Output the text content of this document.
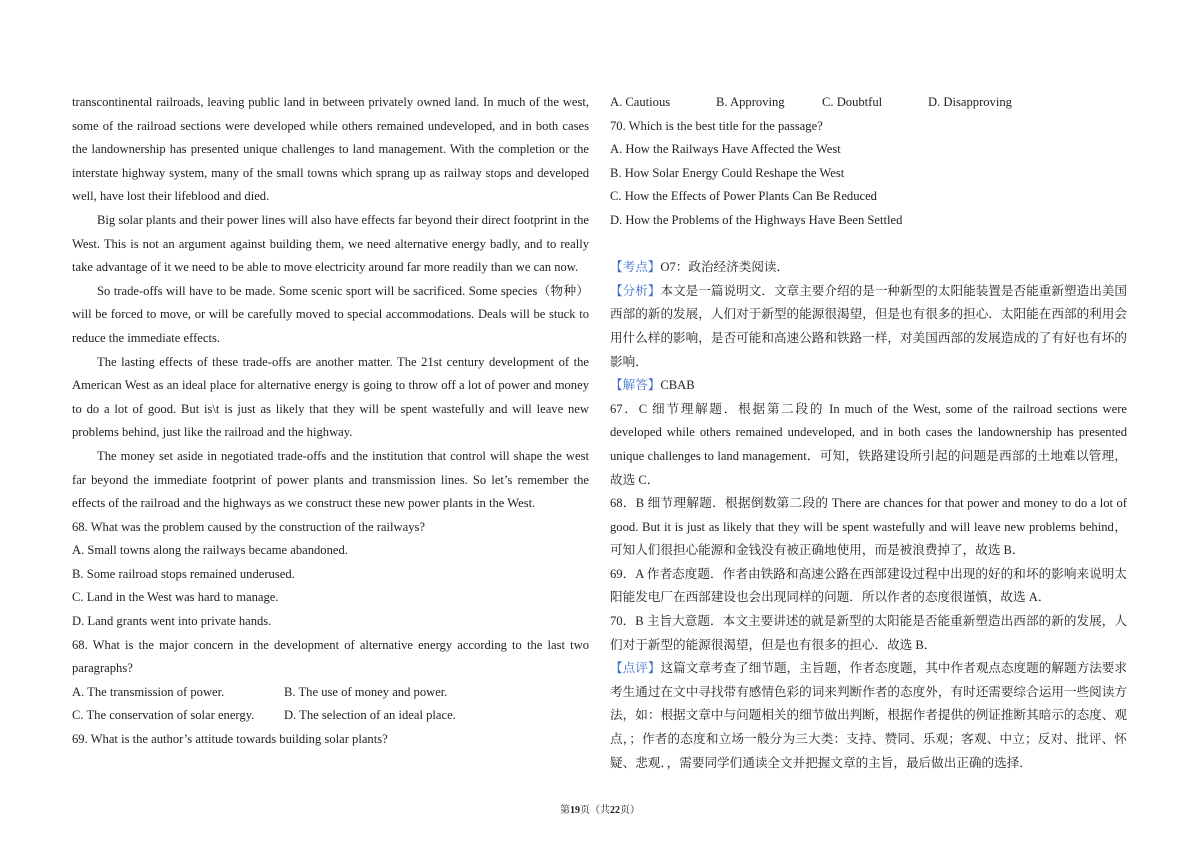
transcontinental railroads, leaving public land in between privately owned land. In much of the west, some of the railroad sections were developed while others remained undeveloped, and in both cases the landownership has presented unique challenges to land management. With the completion or the interstate highway system, many of the small towns which sprang up as railway stops and developed well, have lost their lifeblood and died.

Big solar plants and their power lines will also have effects far beyond their direct footprint in the West. This is not an argument against building them, we need alternative energy badly, and to really take advantage of it we need to be able to move electricity around far more readily than we can now.

So trade-offs will have to be made. Some scenic sport will be sacrificed. Some species（物种）will be forced to move, or will be carefully moved to special accommodations. Deals will be stuck to reduce the immediate effects.

The lasting effects of these trade-offs are another matter. The 21st century development of the American West as an ideal place for alternative energy is going to throw off a lot of power and money to do a lot of good. But is\t is just as likely that they will be spent wastefully and will leave new problems behind, just like the railroad and the highway.

The money set aside in negotiated trade-offs and the institution that control will shape the west far beyond the immediate footprint of power plants and transmission lines. So let’s remember the effects of the railroad and the highways as we construct these new power plants in the West.

68. What was the problem caused by the construction of the railways?

A. Small towns along the railways became abandoned.

B. Some railroad stops remained underused.

C. Land in the West was hard to manage.

D. Land grants went into private hands.

68. What is the major concern in the development of alternative energy according to the last two paragraphs?

A. The transmission of power.	B. The use of money and power.
C. The conservation of solar energy.	D. The selection of an ideal place.

69. What is the author’s attitude towards building solar plants?

A. Cautious	B. Approving	C. Doubtful	D. Disapproving

70. Which is the best title for the passage?

A. How the Railways Have Affected the West

B. How Solar Energy Could Reshape the West

C. How the Effects of Power Plants Can Be Reduced

D. How the Problems of the Highways Have Been Settled

【考点】O7：政治经济类阅读．

【分析】本文是一篇说明文．文章主要介绍的是一种新型的太阳能装置是否能重新塑造出美国西部的新的发展，人们对于新型的能源很渴望，但是也有很多的担心．太阳能在西部的利用会用什么样的影响，是否可能和高速公路和铁路一样，对美国西部的发展造成的了有好也有坏的影响．

【解答】CBAB

67．C 细节理解题．根据第二段的 In much of the West, some of the railroad sections were developed while others remained undeveloped, and in both cases the landownership has presented unique challenges to land management．可知，铁路建设所引起的问题是西部的土地难以管理，故选 C．

68．B 细节理解题．根据倒数第二段的 There are chances for that power and money to do a lot of good. But it is just as likely that they will be spent wastefully and will leave new problems behind，可知人们很担心能源和金钱没有被正确地使用，而是被浪费掉了，故选 B．

69．A 作者态度题．作者由铁路和高速公路在西部建设过程中出现的好的和坏的影响来说明太阳能发电厂在西部建设也会出现同样的问题．所以作者的态度很谨慎，故选 A．

70．B 主旨大意题．本文主要讲述的就是新型的太阳能是否能重新塑造出西部的新的发展，人们对于新型的能源很渴望，但是也有很多的担心．故选 B．

【点评】这篇文章考查了细节题，主旨题，作者态度题，其中作者观点态度题的解题方法要求考生通过在文中寻找带有感情色彩的词来判断作者的态度外，有时还需要综合运用一些阅读方法，如：根据文章中与问题相关的细节做出判断，根据作者提供的例证推断其暗示的态度、观点，；作者的态度和立场一般分为三大类：支持、赞同、乐观；客观、中立；反对、批评、怀疑、悲观．，需要同学们通读全文并把握文章的主旨，最后做出正确的选择．

第19页（共22页）
